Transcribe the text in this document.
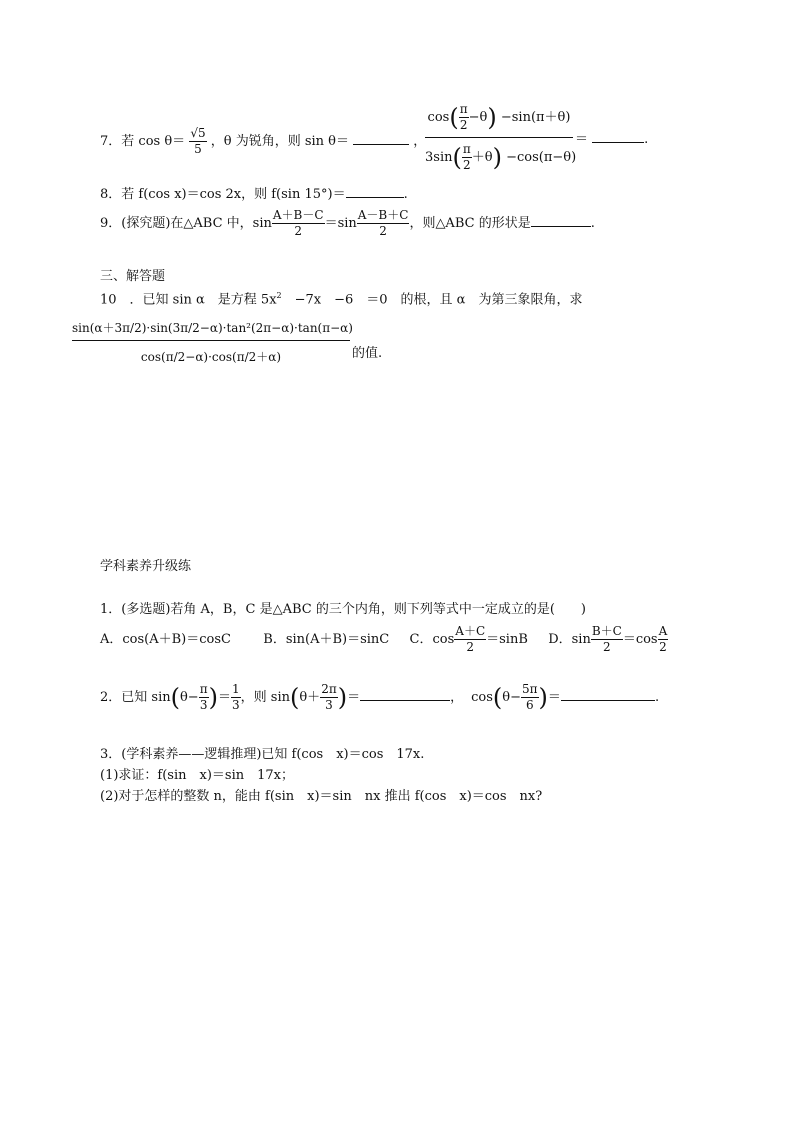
7．若 $\cos \theta= \frac{√5}{5}$ ，θ 为锐角，则 sin θ＝	，
$\frac{\cos( \frac{\pi}{2} -\theta) -\sin(\pi+\theta)}{3\sin( \frac{\pi}{2} +\theta) -\cos(\pi-\theta)}$ ＝	.
8．若 f(cos x)＝cos 2x，则 f(sin 15°)＝	.
9．(探究题)在△ABC 中，$\sin \frac{A+B-C}{2} =\sin \frac{A-B+C}{2}$ ，则△ABC 的形状是	.
三、解答题
10　．已知 sin α　是方程 $5x^2$　−7x　−6　＝0　的根，且 α　为第三象限角，求
$\frac{\text{sin(α＋3π/2)·sin(3π/2−α)·tan²(2π−α)·tan(π−α)}}{\cos(\pi/2-\alpha)\cdot\cos(\pi/2+\alpha)}$ 的值.
学科素养升级练
1．(多选题)若角 A，B，C 是△ABC 的三个内角，则下列等式中一定成立的是(　　)
A．cos(A＋B)＝cosC B．sin(A＋B)＝sinC C．$\cos \frac{A+C}{2} =\sin B$ D．$\sin \frac{B+C}{2} =\cos \frac{A}{2}$
2．已知 $\sin(\theta- \frac{\pi}{3}$ )＝ $\frac{1}{3}$ ，则 $\sin(\theta+ \frac{2\pi}{3}$ )＝	， $\cos(\theta- \frac{5\pi}{6}$ )＝	.
3．(学科素养——逻辑推理)已知 f(cos　x)＝cos　17x.
(1)求证：f(sin　x)＝sin　17x；
(2)对于怎样的整数 n，能由 f(sin　x)＝sin　nx 推出 f(cos　x)＝cos　nx?
